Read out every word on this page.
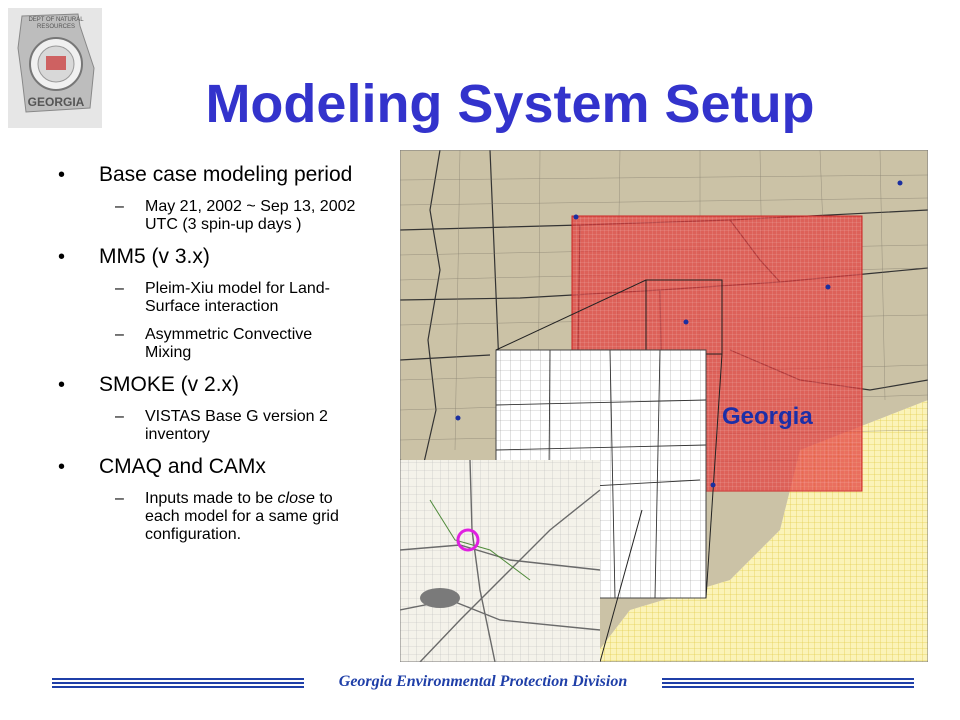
DEPT OF NATURAL
RESOURCES
GEORGIA	Modeling System Setup
• Base case modeling period
– May 21, 2002 ~ Sep 13, 2002 UTC (3 spin-up days )
• MM5 (v 3.x)
– Pleim-Xiu model for Land-Surface interaction
– Asymmetric Convective Mixing
• SMOKE (v 2.x)
– VISTAS Base G version 2 inventory
• CMAQ and CAMx
– Inputs made to be close to each model for a same grid configuration.
Georgia
Georgia Environmental Protection Division
